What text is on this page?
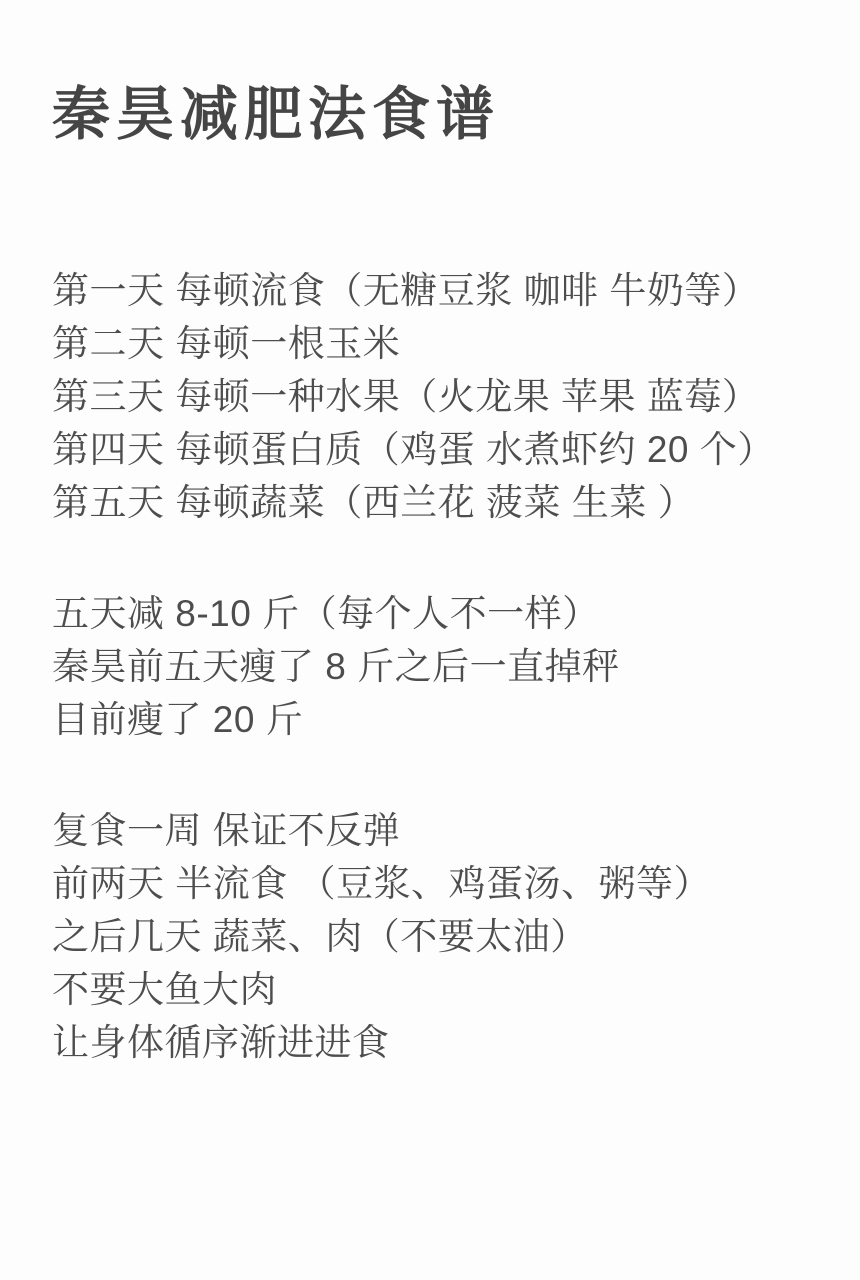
秦昊减肥法食谱

第一天 每顿流食（无糖豆浆 咖啡 牛奶等）

第二天 每顿一根玉米

第三天 每顿一种水果（火龙果 苹果 蓝莓）

第四天 每顿蛋白质（鸡蛋 水煮虾约 20 个）

第五天 每顿蔬菜（西兰花 菠菜 生菜 ）

五天减 8-10 斤（每个人不一样）

秦昊前五天瘦了 8 斤之后一直掉秤

目前瘦了 20 斤

复食一周 保证不反弹

前两天 半流食 （豆浆、鸡蛋汤、粥等）

之后几天 蔬菜、肉（不要太油）

不要大鱼大肉

让身体循序渐进进食
